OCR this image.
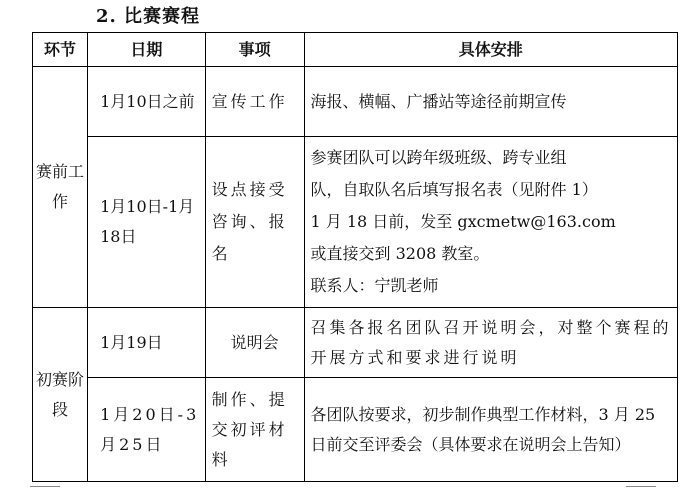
2. 比赛赛程
环节	日期	事项	具体安排
赛前工作	1月10日之前	宣传工作	海报、横幅、广播站等途径前期宣传
	1月10日-1月18日	设点接受咨询、报名	参赛团队可以跨年级班级、跨专业组
队，自取队名后填写报名表（见附件 1）
1 月 18 日前，发至 gxcmetw@163.com
或直接交到 3208 教室。
联系人：宁凯老师

初赛阶段	1月19日	说明会	召集各报名团队召开说明会，对整个赛程的开展方式和要求进行说明
	1月20日-3月25日	制作、提交初评材料	各团队按要求，初步制作典型工作材料，3 月 25 日前交至评委会（具体要求在说明会上告知）
